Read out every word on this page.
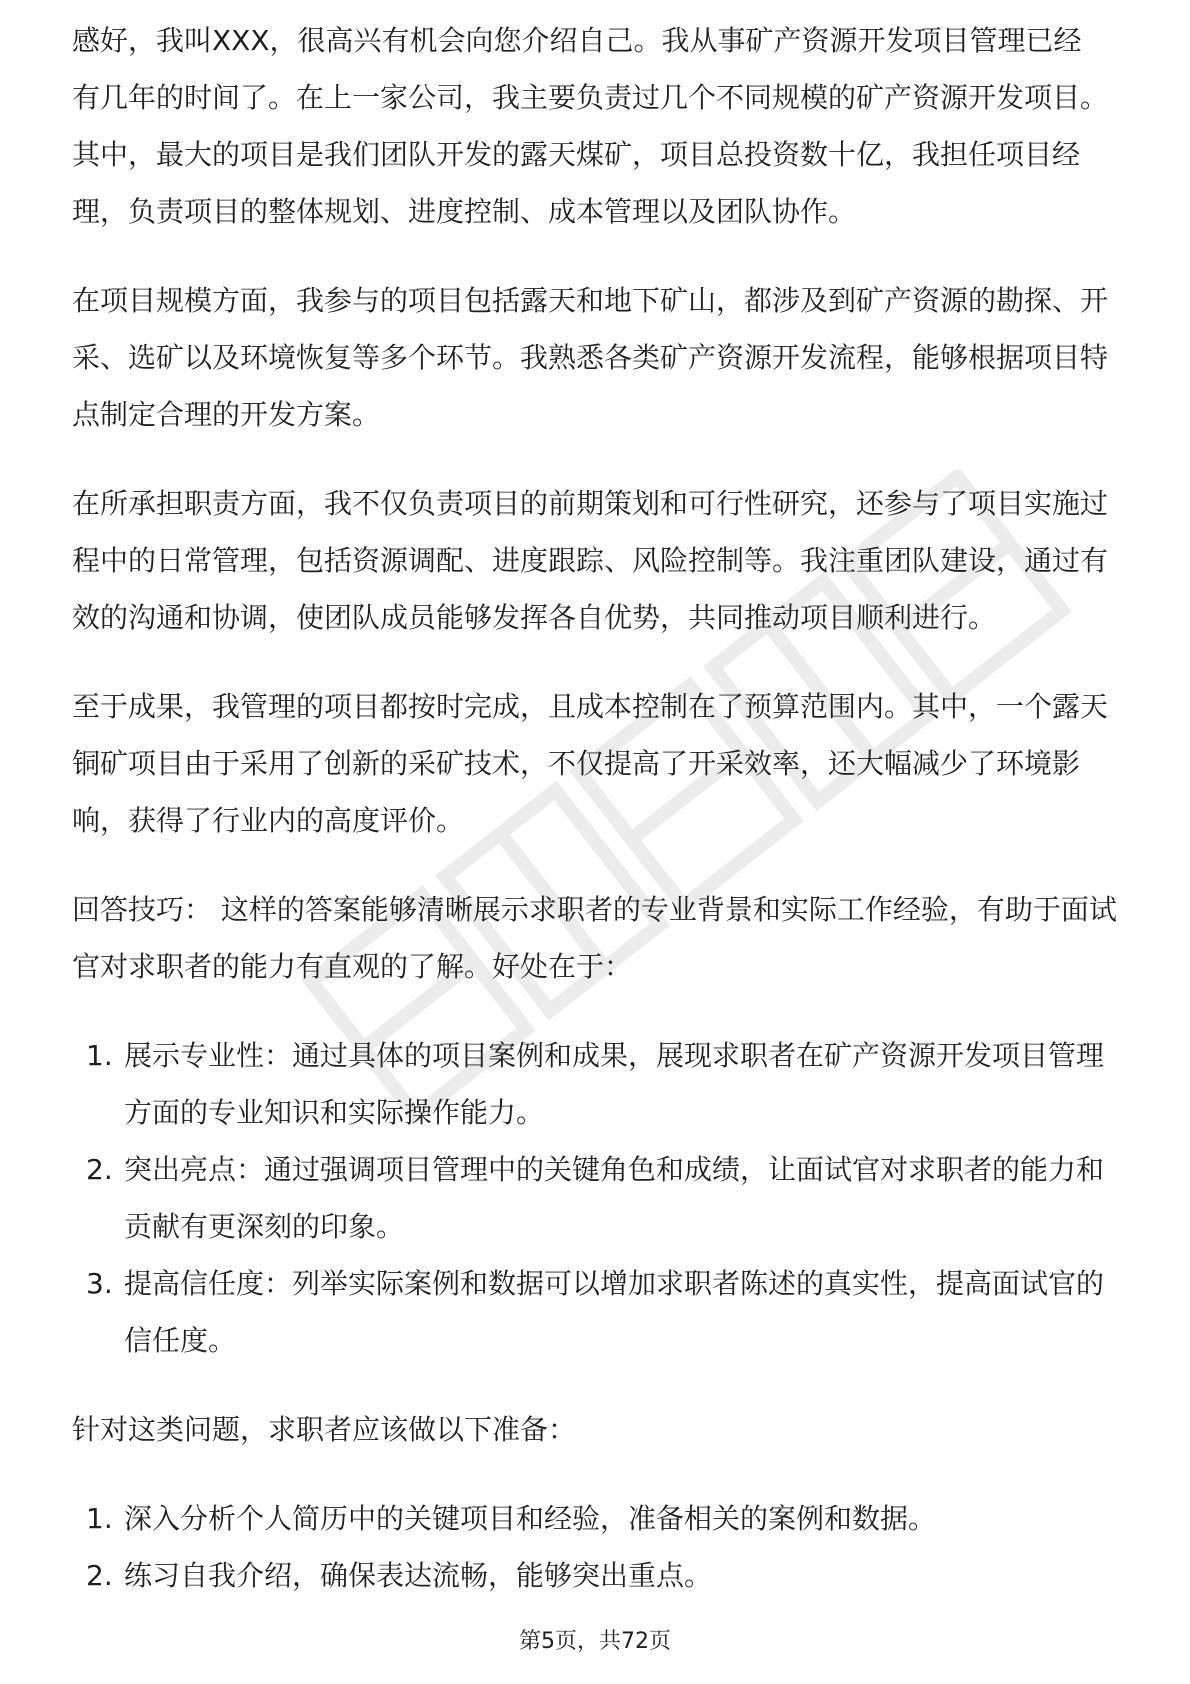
感好，我叫XXX，很高兴有机会向您介绍自己。我从事矿产资源开发项目管理已经

有几年的时间了。在上一家公司，我主要负责过几个不同规模的矿产资源开发项目。其中，最大的项目是我们团队开发的露天煤矿，项目总投资数十亿，我担任项目经理，负责项目的整体规划、进度控制、成本管理以及团队协作。

在项目规模方面，我参与的项目包括露天和地下矿山，都涉及到矿产资源的勘探、开采、选矿以及环境恢复等多个环节。我熟悉各类矿产资源开发流程，能够根据项目特点制定合理的开发方案。

在所承担职责方面，我不仅负责项目的前期策划和可行性研究，还参与了项目实施过程中的日常管理，包括资源调配、进度跟踪、风险控制等。我注重团队建设，通过有效的沟通和协调，使团队成员能够发挥各自优势，共同推动项目顺利进行。

至于成果，我管理的项目都按时完成，且成本控制在了预算范围内。其中，一个露天铜矿项目由于采用了创新的采矿技术，不仅提高了开采效率，还大幅减少了环境影响，获得了行业内的高度评价。

回答技巧： 这样的答案能够清晰展示求职者的专业背景和实际工作经验，有助于面试官对求职者的能力有直观的了解。好处在于：

1. 展示专业性：通过具体的项目案例和成果，展现求职者在矿产资源开发项目管理方面的专业知识和实际操作能力。
2. 突出亮点：通过强调项目管理中的关键角色和成绩，让面试官对求职者的能力和贡献有更深刻的印象。
3. 提高信任度：列举实际案例和数据可以增加求职者陈述的真实性，提高面试官的信任度。

针对这类问题，求职者应该做以下准备：

1. 深入分析个人简历中的关键项目和经验，准备相关的案例和数据。
2. 练习自我介绍，确保表达流畅，能够突出重点。
第5页，共72页
